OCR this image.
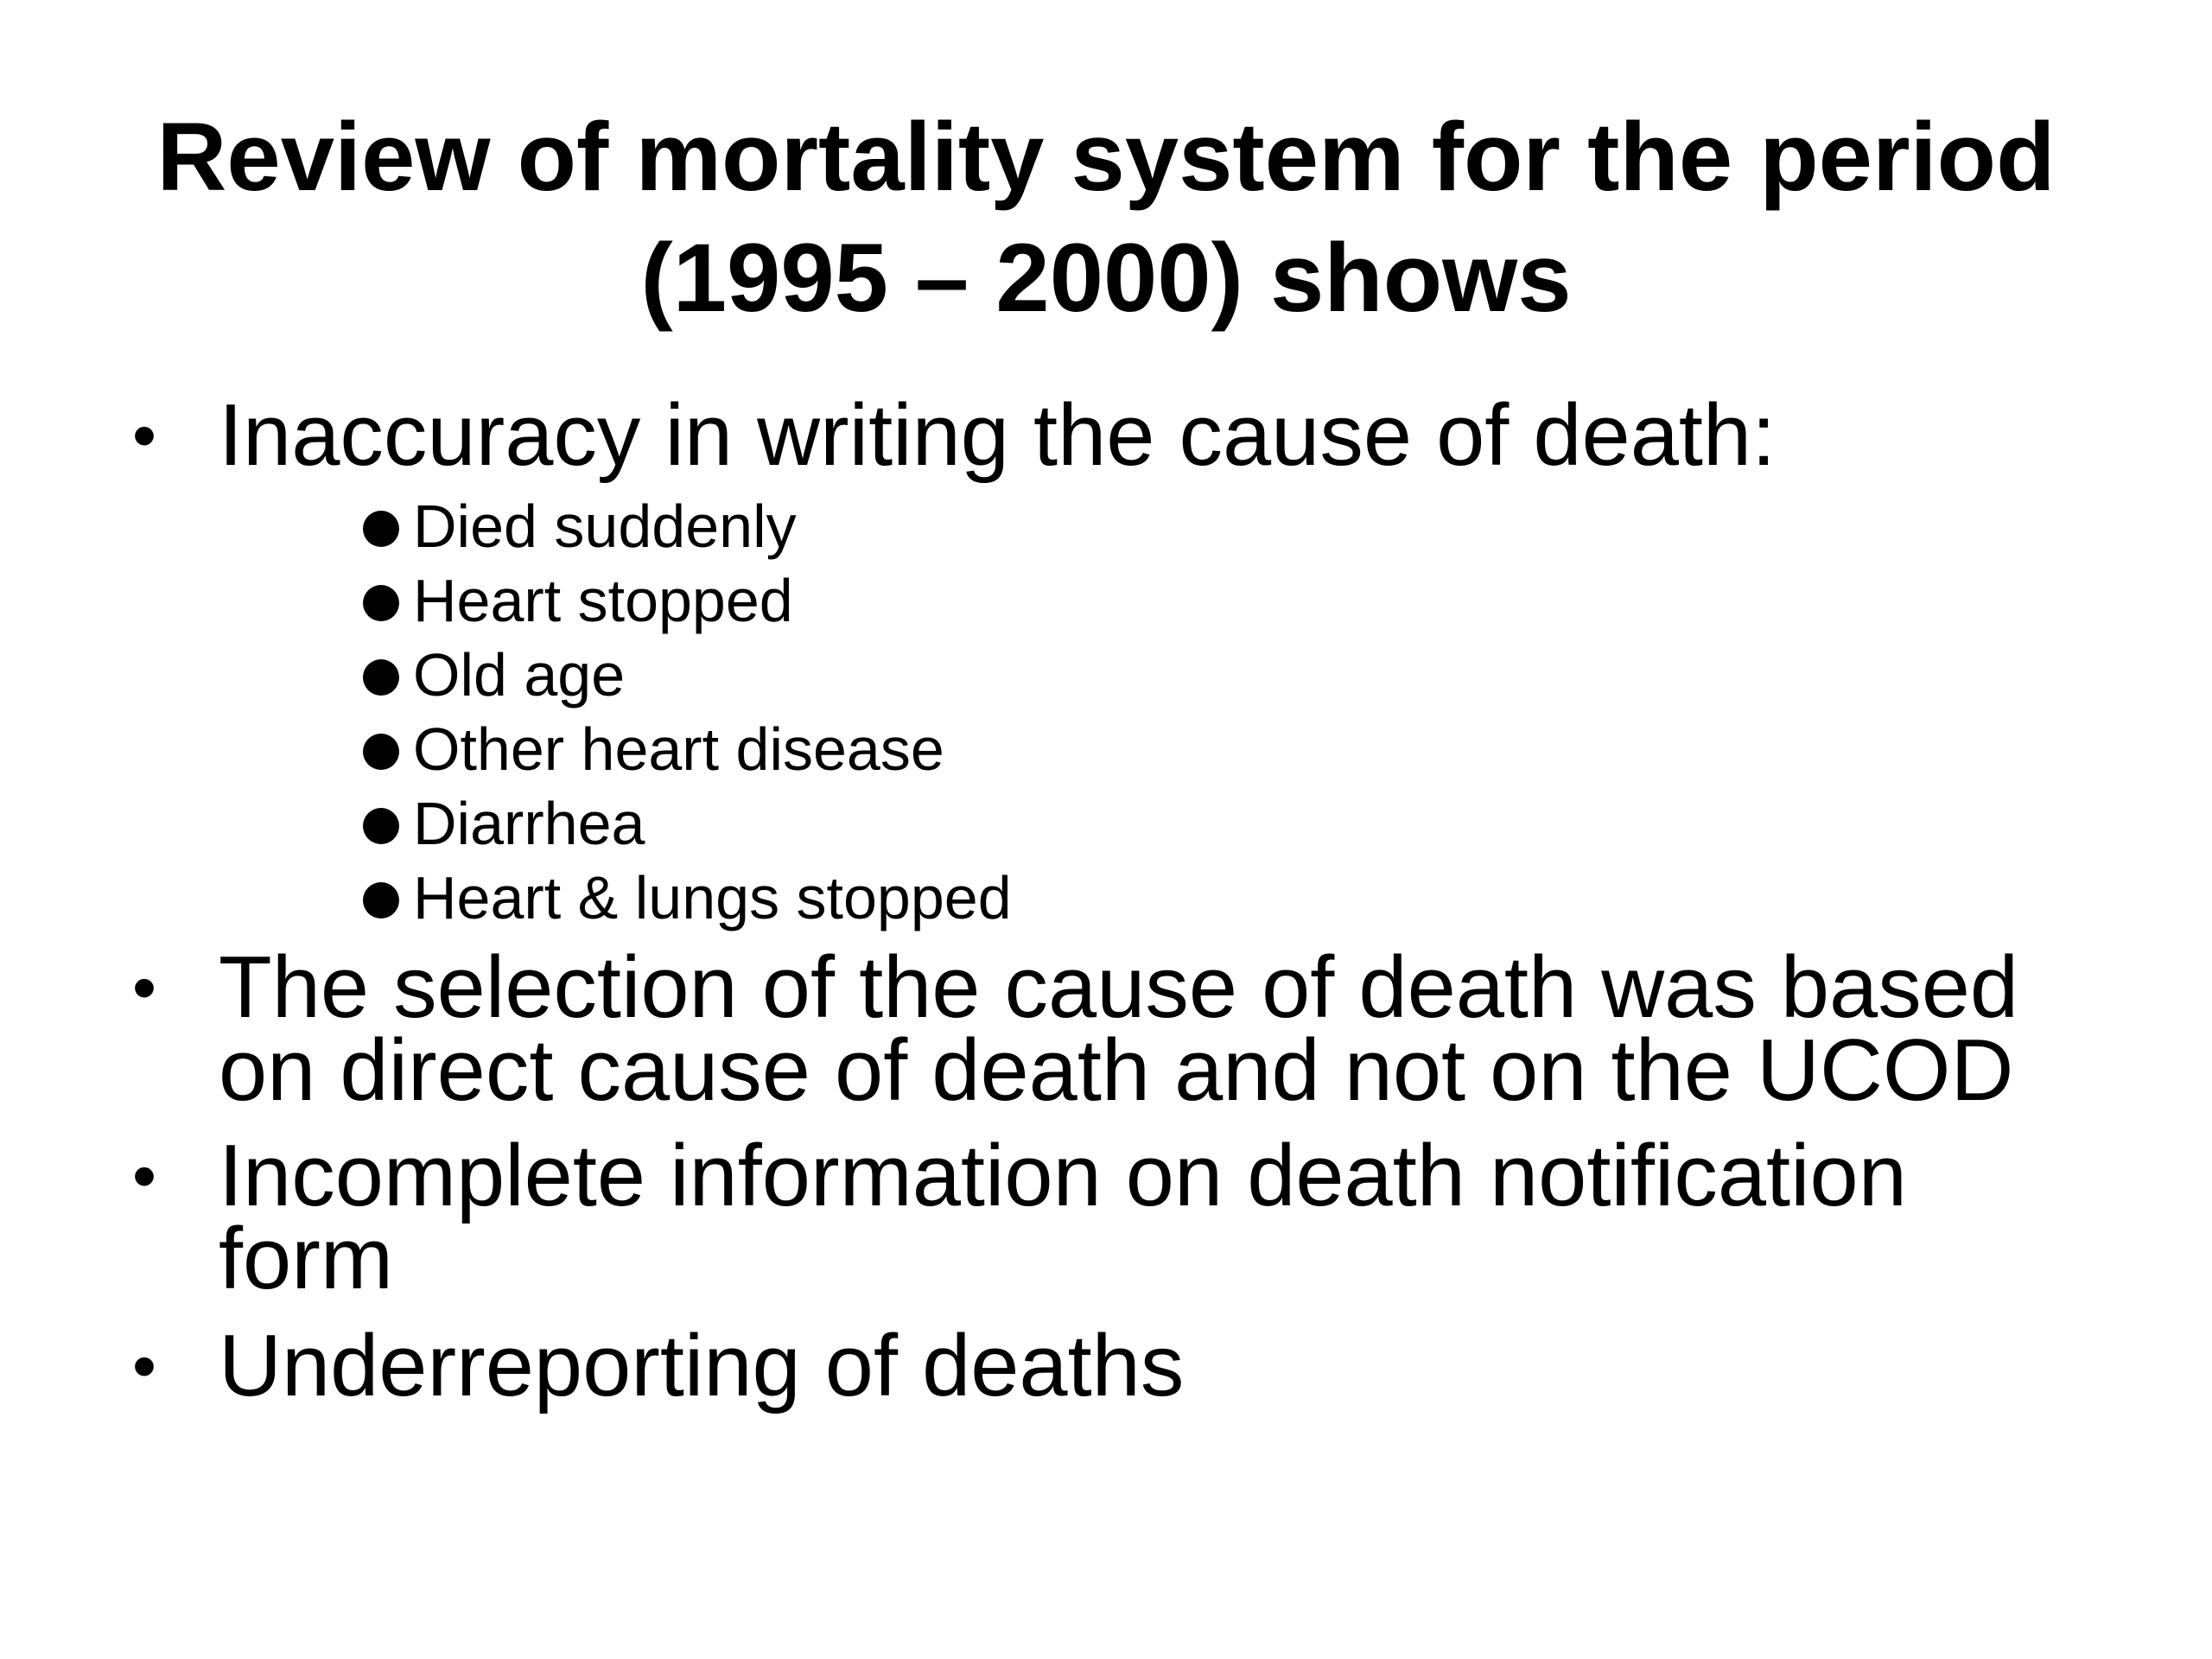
Review of mortality system for the period
(1995 – 2000) shows
• Inaccuracy in writing the cause of death:
Died suddenly
Heart stopped
Old age
Other heart disease
Diarrhea
Heart & lungs stopped
• The selection of the cause of death was based
on direct cause of death and not on the UCOD
• Incomplete information on death notification
form
• Underreporting of deaths
